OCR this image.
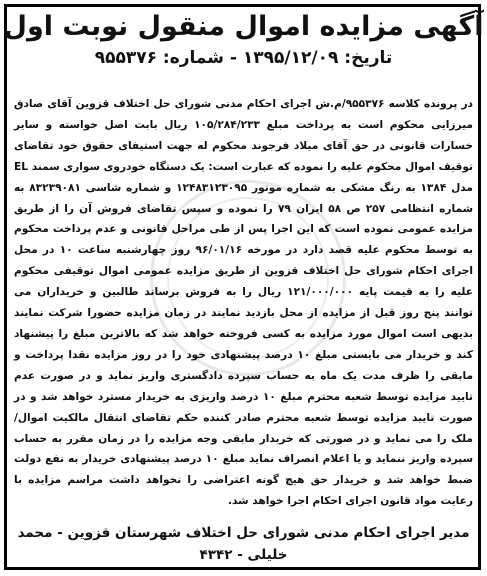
آگهی مزایده اموال منقول نوبت اول
تاریخ: ۱۳۹۵/۱۲/۰۹ - شماره: ۹۵۵۳۷۶
در پرونده کلاسه ۹۵۵۳۷۶/م.ش اجرای احکام مدنی شورای حل اختلاف قزوین آقای صادق میرزایی محکوم است به پرداخت مبلغ ۱۰۵/۲۸۴/۲۳۳ ریال بابت اصل خواسته و سایر خسارات قانونی در حق آقای میلاد فرجوند محکوم له جهت استیفای حقوق خود تقاضای توقیف اموال محکوم علیه را نموده که عبارت است: یک دستگاه خودروی سواری سمند EL مدل ۱۳۸۴ به رنگ مشکی به شماره موتور ۱۲۴۸۳۱۲۳۰۹۵ و شماره شاسی ۸۳۲۳۹۰۸۱ به شماره انتظامی ۲۵۷ ص ۵۸ ایران ۷۹ را نموده و سپس تقاضای فروش آن را از طریق مزایده عمومی نموده است که این اجرا پس از طی مراحل قانونی و عدم پرداخت محکوم به توسط محکوم علیه قصد دارد در مورخه ۹۶/۰۱/۱۶ روز چهارشنبه ساعت ۱۰ در محل اجرای احکام شورای حل اختلاف قزوین از طریق مزایده عمومی اموال توقیفی محکوم علیه را به قیمت پایه ۱۲۱/۰۰۰/۰۰۰ ریال را به فروش برساند طالبین و خریداران می توانند پنج روز قبل از مزایده از محل بازدید نمایند در زمان مزایده حضورا شرکت نمایند بدیهی است اموال مورد مزایده به کسی فروخته خواهد شد که بالاترین مبلغ را پیشنهاد کند و خریدار می بایستی مبلغ ۱۰ درصد پیشنهادی خود را در روز مزایده نقدا پرداخت و مابقی را ظرف مدت یک ماه به حساب سپرده دادگستری واریز نماید و در صورت عدم تایید مزایده توسط شعبه محترم مبلغ ۱۰ درصد واریزی به خریدار مسترد خواهد شد و در صورت تایید مزایده توسط شعبه محترم صادر کننده حکم تقاضای انتقال مالکیت اموال/ملک را می نماید و در صورتی که خریدار مابقی وجه مزایده را در زمان مقرر به حساب سپرده واریز ننماید و یا اعلام انصراف نماید مبلغ ۱۰ درصد پیشنهادی خریدار به نفع دولت ضبط خواهد شد و خریدار حق هیچ گونه اعتراضی را نخواهد داشت مراسم مزایده با رعایت مواد قانون اجرای احکام اجرا خواهد شد.
مدیر اجرای احکام مدنی شورای حل اختلاف شهرستان قزوین - محمد خلیلی - ۴۳۴۲
